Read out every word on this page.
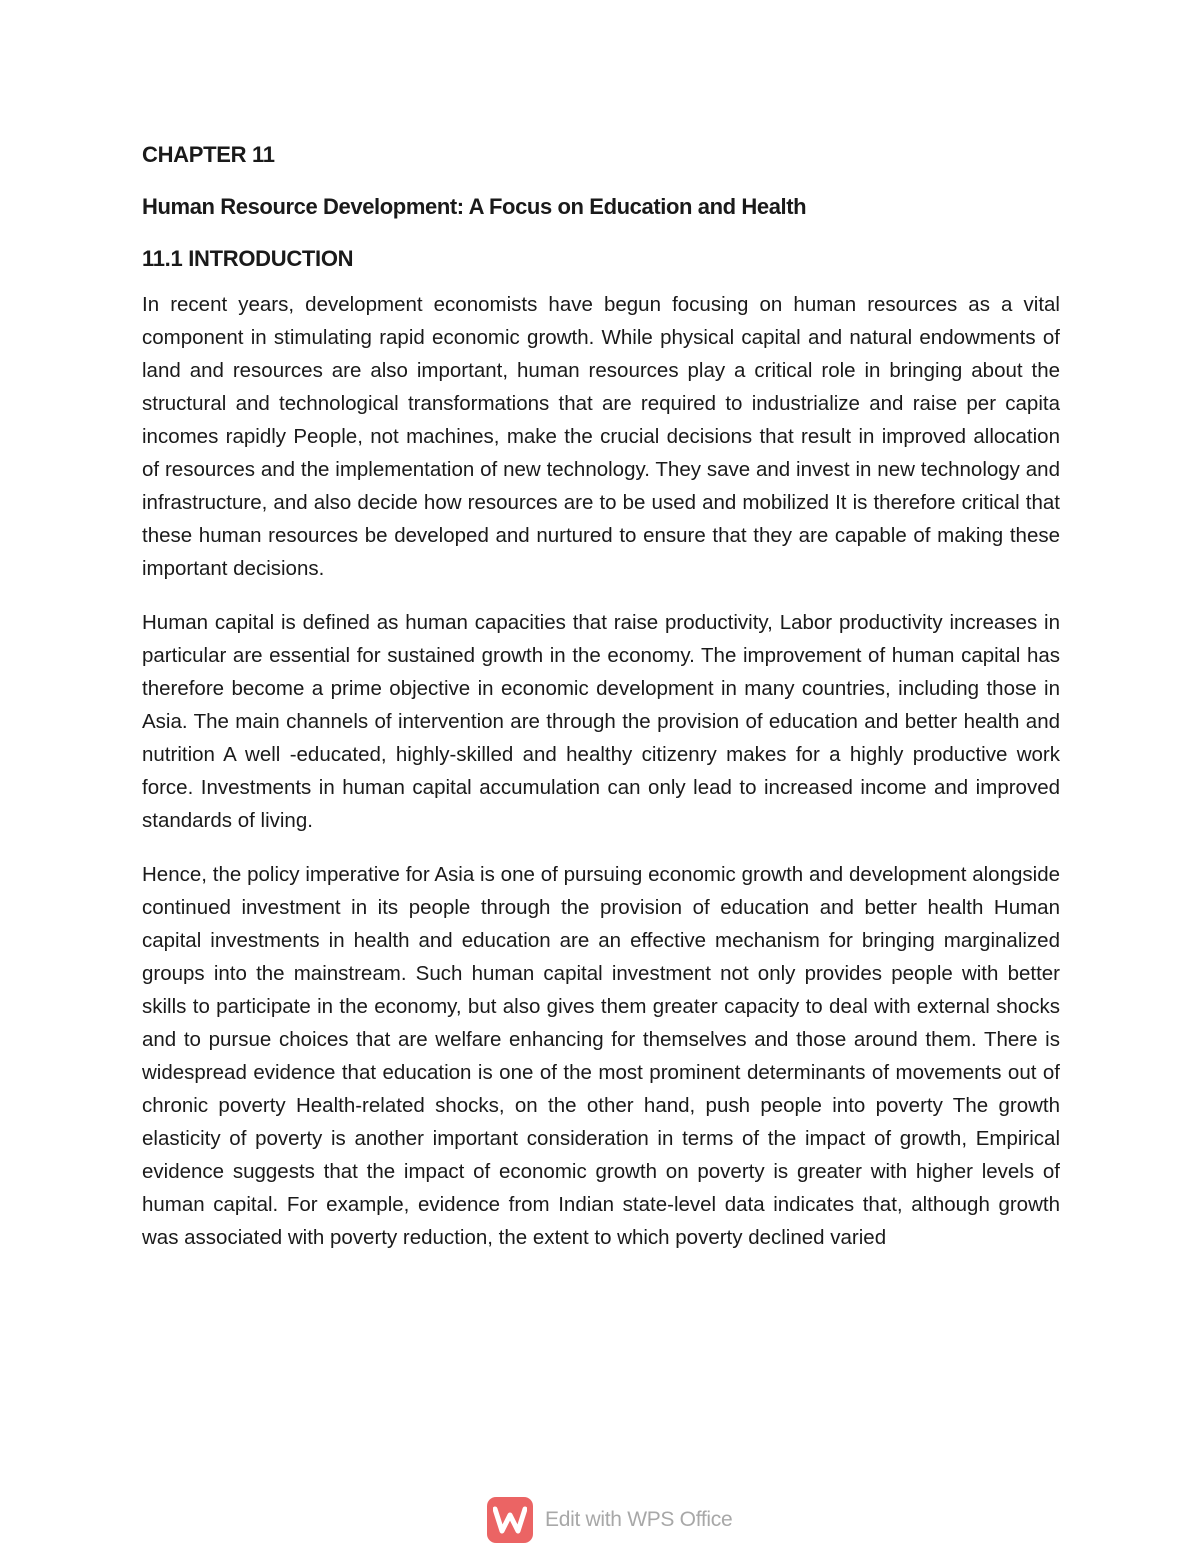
CHAPTER 11
Human Resource Development: A Focus on Education and Health
11.1 INTRODUCTION

In recent years, development economists have begun focusing on human resources as a vital component in stimulating rapid economic growth. While physical capital and natural endowments of land and resources are also important, human resources play a critical role in bringing about the structural and technological transformations that are required to industrialize and raise per capita incomes rapidly People, not machines, make the crucial decisions that result in improved allocation of resources and the implementation of new technology. They save and invest in new technology and infrastructure, and also decide how resources are to be used and mobilized It is therefore critical that these human resources be developed and nurtured to ensure that they are capable of making these important decisions.

Human capital is defined as human capacities that raise productivity, Labor productivity increases in particular are essential for sustained growth in the economy. The improvement of human capital has therefore become a prime objective in economic development in many countries, including those in Asia. The main channels of intervention are through the provision of education and better health and nutrition A well -educated, highly-skilled and healthy citizenry makes for a highly productive work force. Investments in human capital accumulation can only lead to increased income and improved standards of living.

Hence, the policy imperative for Asia is one of pursuing economic growth and development alongside continued investment in its people through the provision of education and better health Human capital investments in health and education are an effective mechanism for bringing marginalized groups into the mainstream. Such human capital investment not only provides people with better skills to participate in the economy, but also gives them greater capacity to deal with external shocks and to pursue choices that are welfare enhancing for themselves and those around them. There is widespread evidence that education is one of the most prominent determinants of movements out of chronic poverty Health-related shocks, on the other hand, push people into poverty The growth elasticity of poverty is another important consideration in terms of the impact of growth, Empirical evidence suggests that the impact of economic growth on poverty is greater with higher levels of human capital. For example, evidence from Indian state-level data indicates that, although growth was associated with poverty reduction, the extent to which poverty declined varied

Edit with WPS Office
